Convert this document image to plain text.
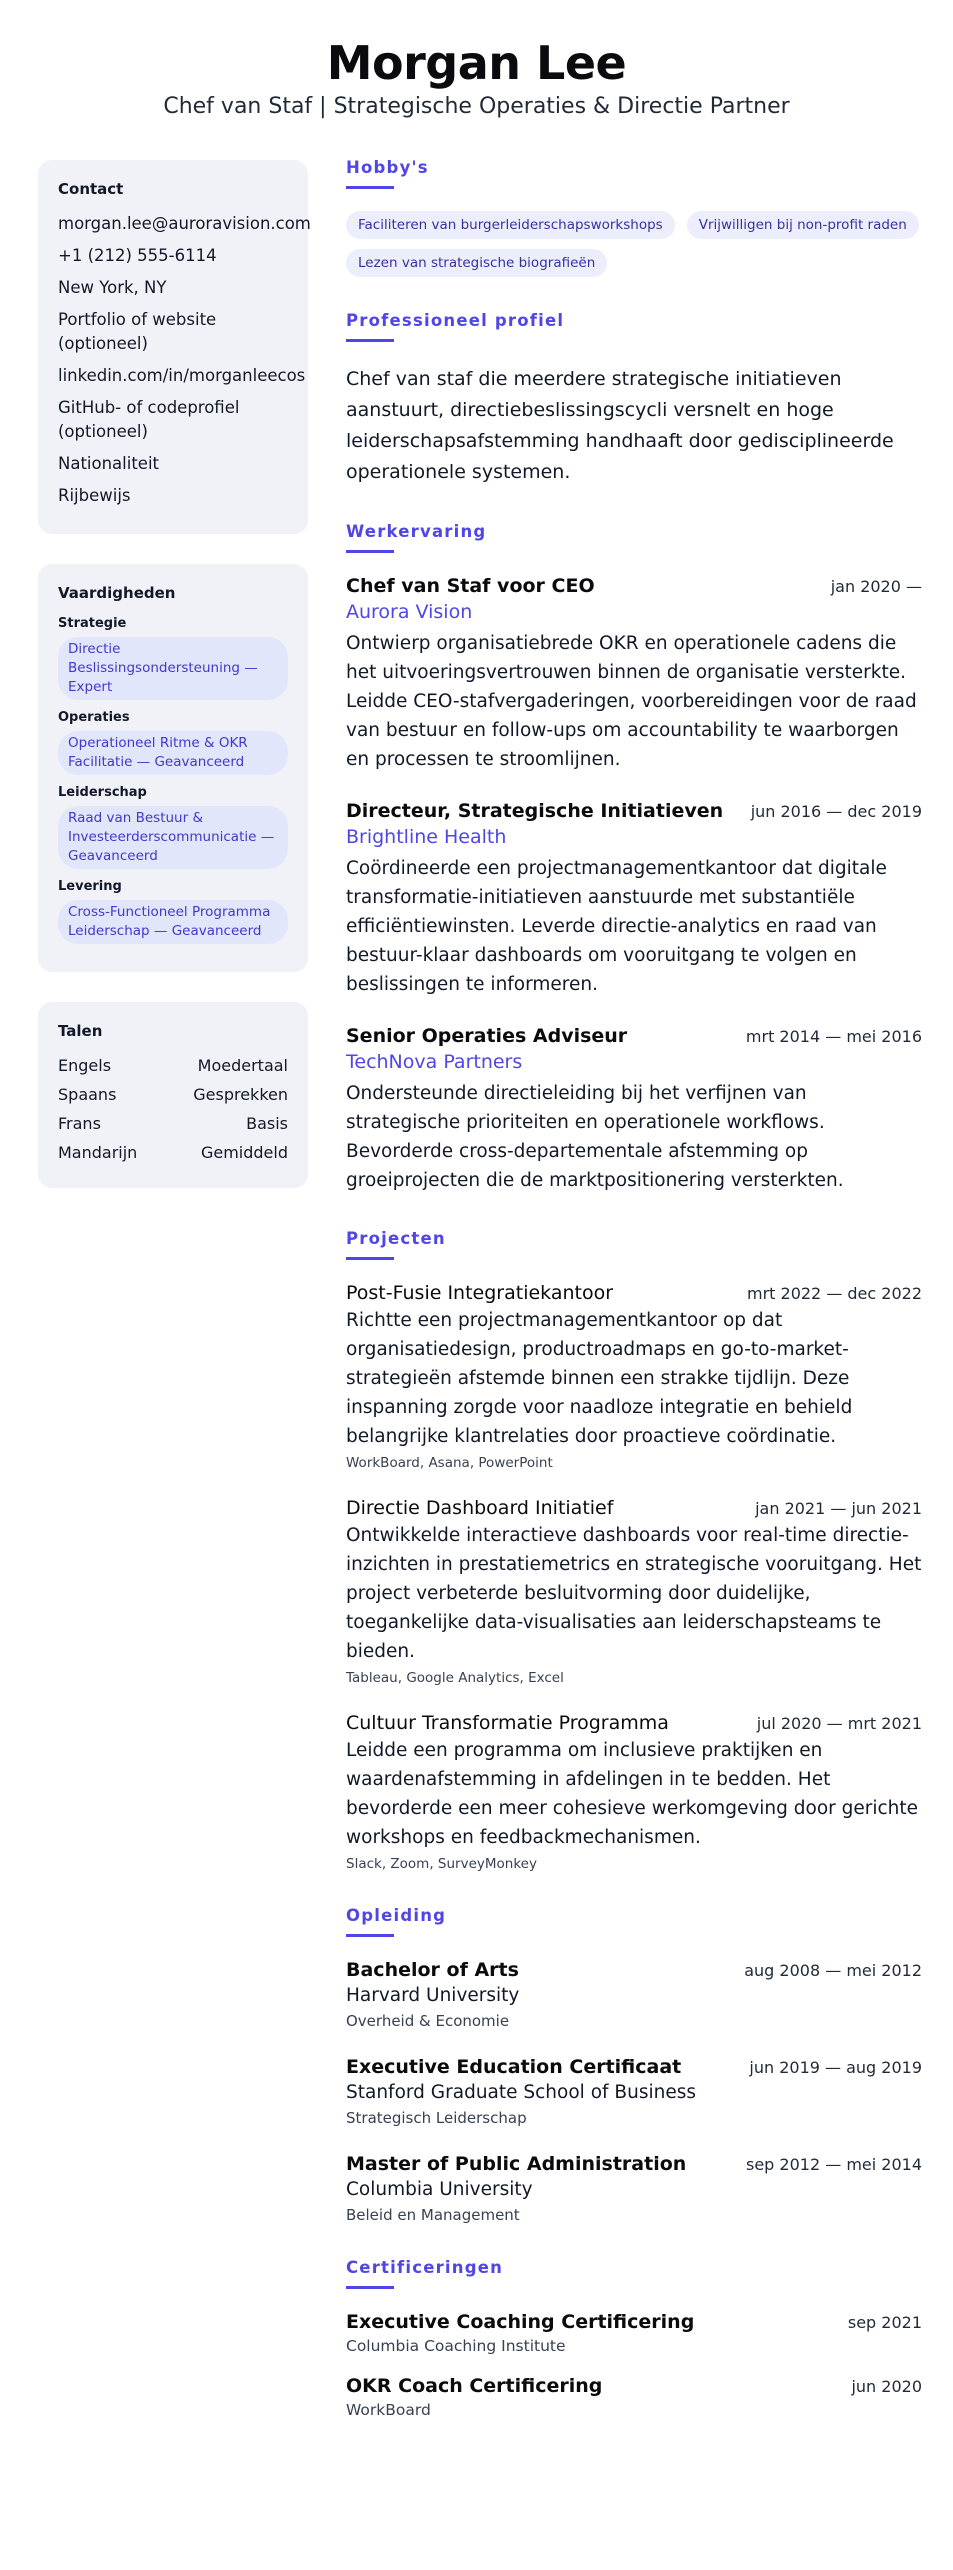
Morgan Lee
Chef van Staf | Strategische Operaties & Directie Partner
Contact
morgan.lee@auroravision.com
+1 (212) 555-6114
New York, NY
Portfolio of website (optioneel)
linkedin.com/in/morganleecos
GitHub- of codeprofiel (optioneel)
Nationaliteit
Rijbewijs
Vaardigheden
Strategie
Directie Beslissingsondersteuning — Expert
Operaties
Operationeel Ritme & OKR Facilitatie — Geavanceerd
Leiderschap
Raad van Bestuur & Investeerderscommunicatie — Geavanceerd
Levering
Cross-Functioneel Programma Leiderschap — Geavanceerd
Talen
Engels	Moedertaal
Spaans	Gesprekken
Frans	Basis
Mandarijn	Gemiddeld
Hobby's
Faciliteren van burgerleiderschapsworkshops	Vrijwilligen bij non-profit raden
Lezen van strategische biografieën
Professioneel profiel

Chef van staf die meerdere strategische initiatieven aanstuurt, directiebeslissingscycli versnelt en hoge leiderschapsafstemming handhaaft door gedisciplineerde operationele systemen.

Werkervaring
Chef van Staf voor CEO	jan 2020 —
Aurora Vision

Ontwierp organisatiebrede OKR en operationele cadens die het uitvoeringsvertrouwen binnen de organisatie versterkte. Leidde CEO-stafvergaderingen, voorbereidingen voor de raad van bestuur en follow-ups om accountability te waarborgen en processen te stroomlijnen.

Directeur, Strategische Initiatieven jun 2016 — dec 2019
Brightline Health

Coördineerde een projectmanagementkantoor dat digitale transformatie-initiatieven aanstuurde met substantiële efficiëntiewinsten. Leverde directie-analytics en raad van bestuur-klaar dashboards om vooruitgang te volgen en beslissingen te informeren.

Senior Operaties Adviseur	mrt 2014 — mei 2016
TechNova Partners

Ondersteunde directieleiding bij het verfijnen van strategische prioriteiten en operationele workflows. Bevorderde cross-departementale afstemming op groeiprojecten die de marktpositionering versterkten.

Projecten
Post-Fusie Integratiekantoor	mrt 2022 — dec 2022

Richtte een projectmanagementkantoor op dat organisatiedesign, productroadmaps en go-to-market-strategieën afstemde binnen een strakke tijdlijn. Deze inspanning zorgde voor naadloze integratie en behield belangrijke klantrelaties door proactieve coördinatie.

WorkBoard, Asana, PowerPoint
Directie Dashboard Initiatief	jan 2021 — jun 2021

Ontwikkelde interactieve dashboards voor real-time directie-inzichten in prestatiemetrics en strategische vooruitgang. Het project verbeterde besluitvorming door duidelijke, toegankelijke data-visualisaties aan leiderschapsteams te bieden.

Tableau, Google Analytics, Excel
Cultuur Transformatie Programma	jul 2020 — mrt 2021

Leidde een programma om inclusieve praktijken en waardenafstemming in afdelingen in te bedden. Het bevorderde een meer cohesieve werkomgeving door gerichte workshops en feedbackmechanismen.

Slack, Zoom, SurveyMonkey
Opleiding
Bachelor of Arts	aug 2008 — mei 2012
Harvard University
Overheid & Economie
Executive Education Certificaat	jun 2019 — aug 2019
Stanford Graduate School of Business
Strategisch Leiderschap
Master of Public Administration	sep 2012 — mei 2014
Columbia University
Beleid en Management
Certificeringen
Executive Coaching Certificering	sep 2021
Columbia Coaching Institute
OKR Coach Certificering	jun 2020
WorkBoard
